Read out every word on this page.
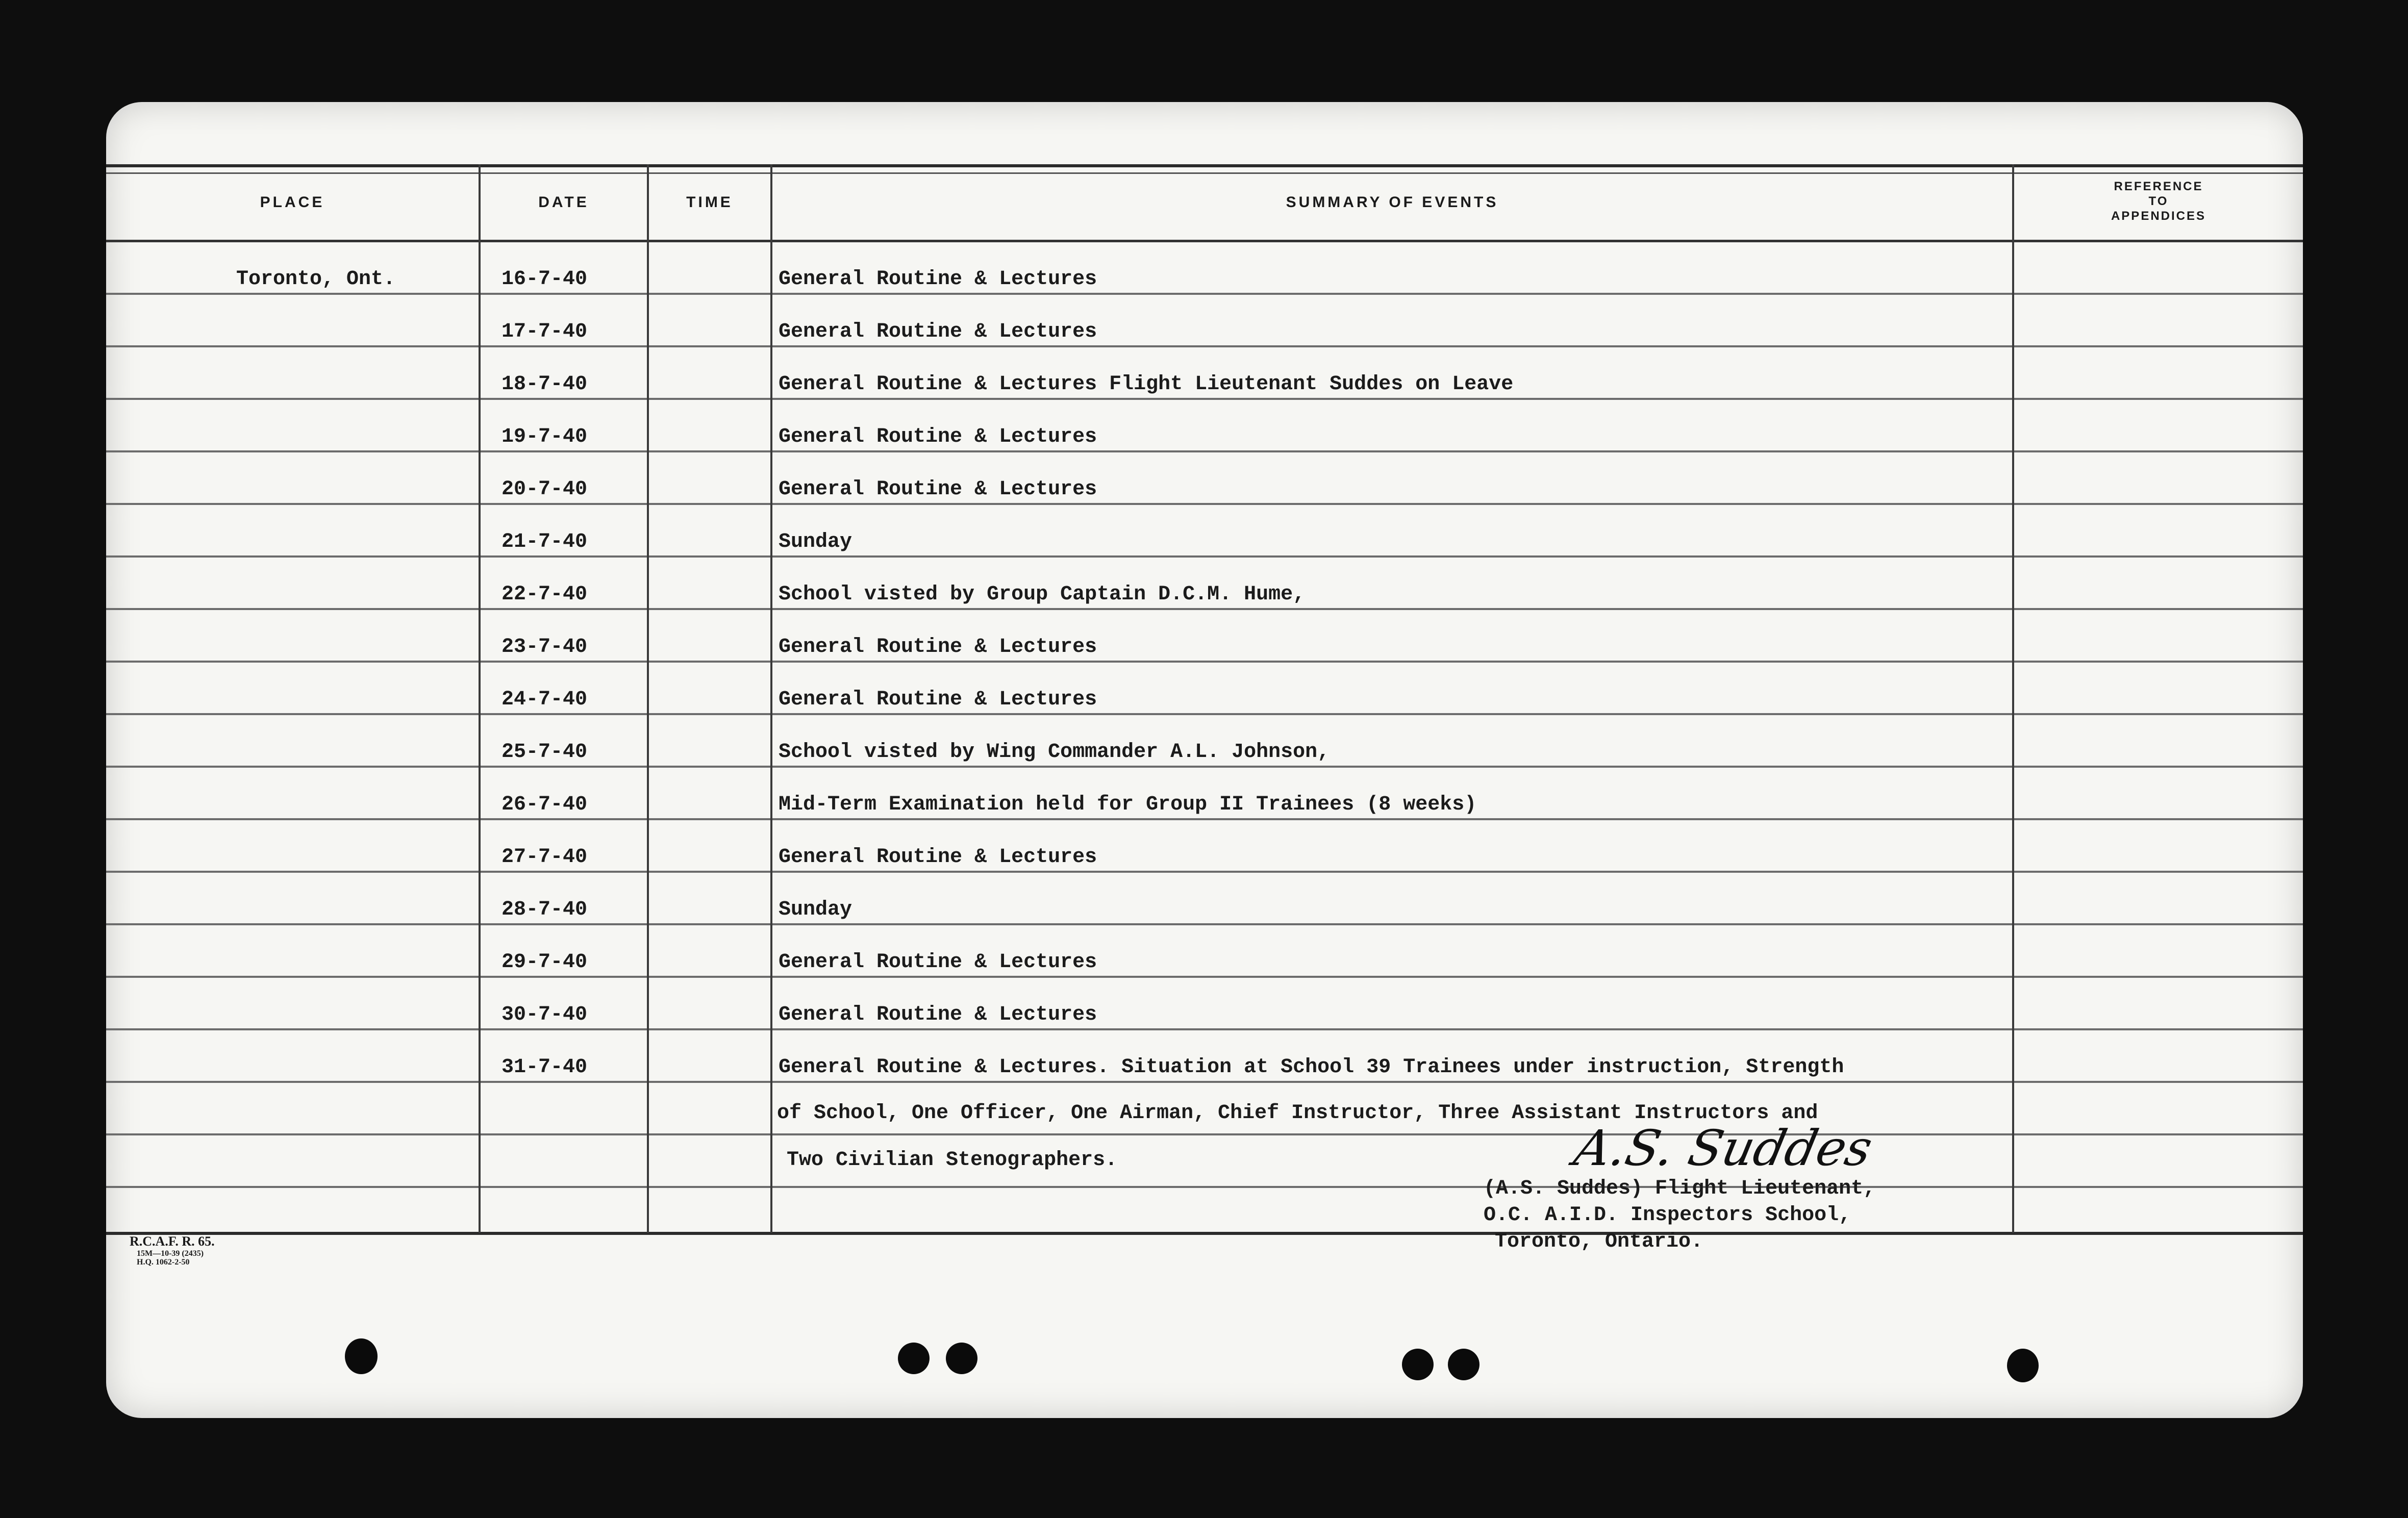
PLACE	DATE	TIME	SUMMARY OF EVENTS
REFERENCE
TO
APPENDICES
Toronto, Ont.	16-7-40	General Routine & Lectures
17-7-40	General Routine & Lectures
18-7-40	General Routine & Lectures Flight Lieutenant Suddes on Leave
19-7-40	General Routine & Lectures
20-7-40	General Routine & Lectures
21-7-40	Sunday
22-7-40	School visted by Group Captain D.C.M. Hume,
23-7-40	General Routine & Lectures
24-7-40	General Routine & Lectures
25-7-40	School visted by Wing Commander A.L. Johnson,
26-7-40	Mid-Term Examination held for Group II Trainees (8 weeks)
27-7-40	General Routine & Lectures
28-7-40	Sunday
29-7-40	General Routine & Lectures
30-7-40	General Routine & Lectures
31-7-40	General Routine & Lectures. Situation at School 39 Trainees under instruction, Strength
of School, One Officer, One Airman, Chief Instructor, Three Assistant Instructors and
Two Civilian Stenographers.	A.S. Suddes
(A.S. Suddes) Flight Lieutenant,
O.C. A.I.D. Inspectors School,
Toronto, Ontario.
R.C.A.F. R. 65.
15M—10-39 (2435)
H.Q. 1062-2-50
